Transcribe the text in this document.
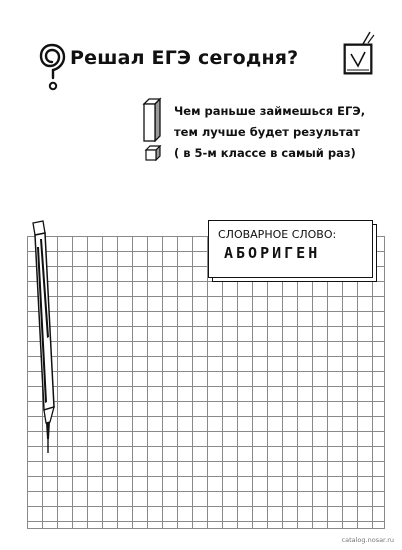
Решал ЕГЭ сегодня?
Чем раньше займешься ЕГЭ,
тем лучше будет результат
( в 5-м классе в самый раз)
СЛОВАРНОЕ СЛОВО:
АБОРИГЕН
catalog.nosar.ru
